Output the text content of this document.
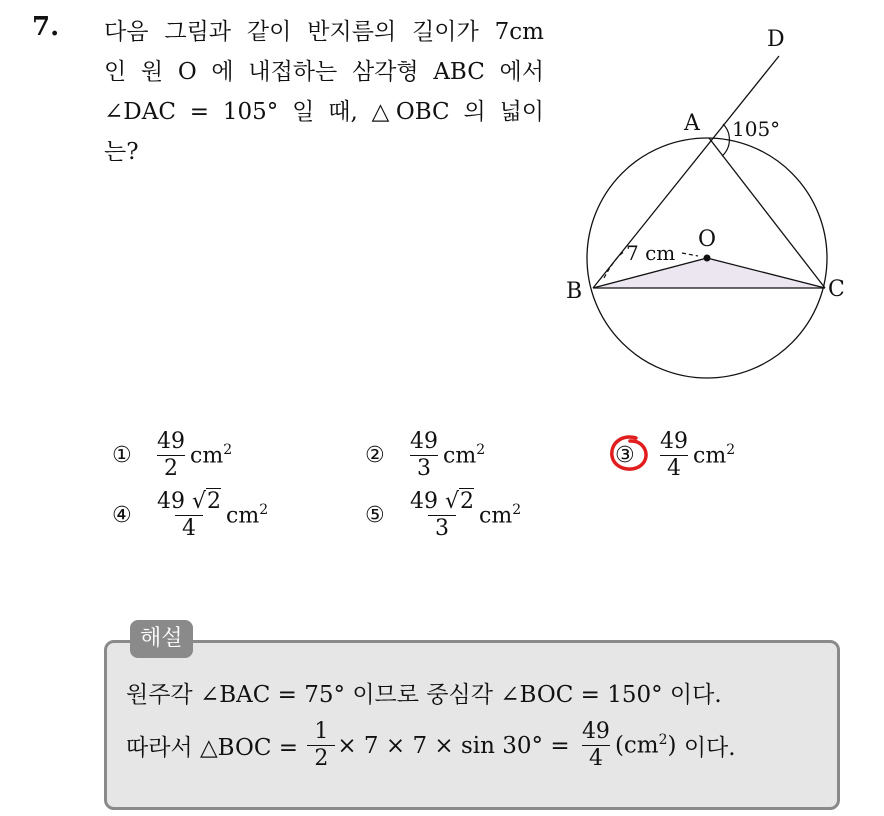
7. 다음 그림과 같이 반지름의 길이가 7cm
인 원 O 에 내접하는 삼각형 ABC 에서
∠DAC = 105° 일 때, △OBC 의 넓이
는?
D
A
B	C
O
105°
7 cm
①	$\frac{49}{2} cm^2$	②	$\frac{49}{3} cm^2$	③	$\frac{49}{4} cm^2$
④	$\frac{49 √2}{4} cm^2$	⑤	$\frac{49 √2}{3} cm^2$
해설
원주각 ∠BAC = 75° 이므로 중심각 ∠BOC = 150° 이다.
따라서 △BOC = $\frac{1}{2} \times 7 \times 7 \times \sin 30^\circ = \frac{49}{4} (cm^2)$ 이다.
